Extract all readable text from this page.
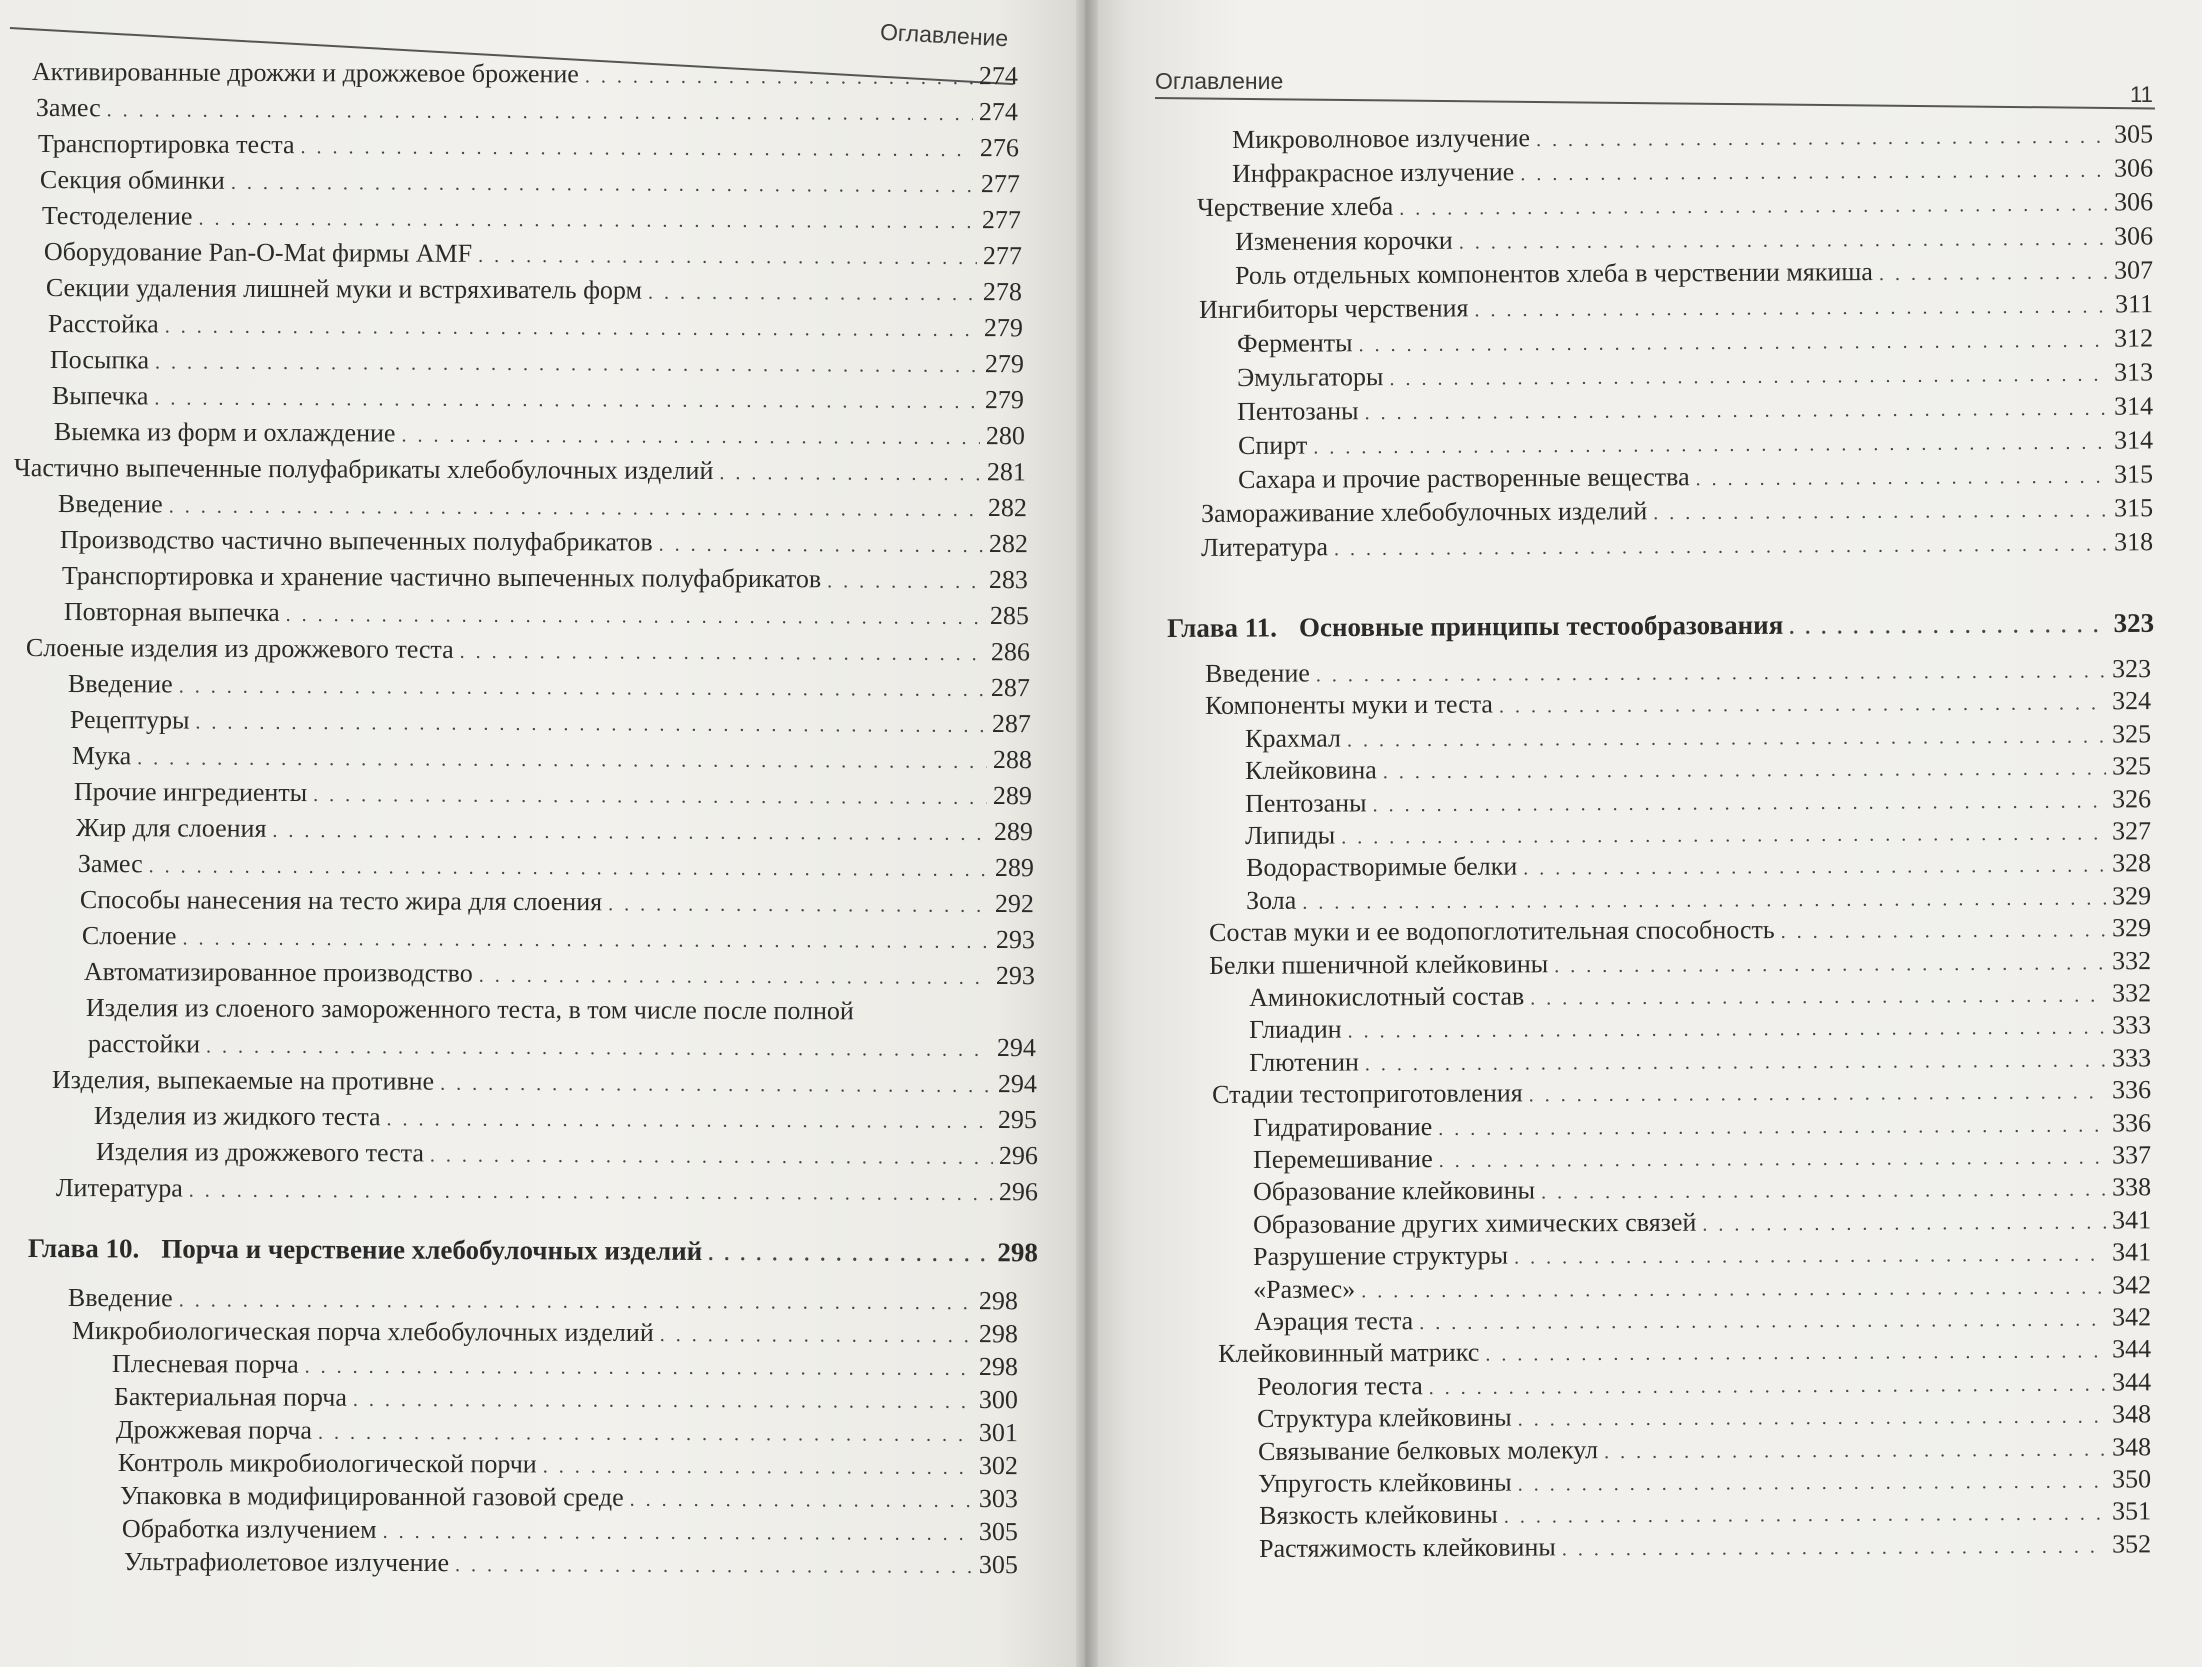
Оглавление
Активированные дрожжи и дрожжевое брожение . . .	274
Замес . . .	274
Транспортировка теста . . .	276
Секция обминки . . .	277
Тестоделение . . .	277
Оборудование Pan-O-Mat фирмы AMF . . .	277
Секции удаления лишней муки и встряхиватель форм . . .	278
Расстойка . . .	279
Посыпка . . .	279
Выпечка . . .	279
Выемка из форм и охлаждение . . .	280
Частично выпеченные полуфабрикаты хлебобулочных изделий . . .	281
Введение . . .	282
Производство частично выпеченных полуфабрикатов . . .	282
Транспортировка и хранение частично выпеченных полуфабрикатов . . .	283
Повторная выпечка . . .	285
Слоеные изделия из дрожжевого теста . . .	286
Введение . . .	287
Рецептуры . . .	287
Мука . . .	288
Прочие ингредиенты . . .	289
Жир для слоения . . .	289
Замес . . .	289
Способы нанесения на тесто жира для слоения . . .	292
Слоение . . .	293
Автоматизированное производство . . .	293
Изделия из слоеного замороженного теста, в том числе после полной
расстойки . . .	294
Изделия, выпекаемые на противне . . .	294
Изделия из жидкого теста . . .	295
Изделия из дрожжевого теста . . .	296
Литература . . .	296
Глава 10. Порча и черствение хлебобулочных изделий . . .	298
Введение . . .	298
Микробиологическая порча хлебобулочных изделий . . .	298
Плесневая порча . . .	298
Бактериальная порча . . .	300
Дрожжевая порча . . .	301
Контроль микробиологической порчи . . .	302
Упаковка в модифицированной газовой среде . . .	303
Обработка излучением . . .	305
Ультрафиолетовое излучение . . .	305
Оглавление
11
Микроволновое излучение . . .	305
Инфракрасное излучение . . .	306
Черствение хлеба . . .	306
Изменения корочки . . .	306
Роль отдельных компонентов хлеба в черствении мякиша . . .	307
Ингибиторы черствения . . .	311
Ферменты . . .	312
Эмульгаторы . . .	313
Пентозаны . . .	314
Спирт . . .	314
Сахара и прочие растворенные вещества . . .	315
Замораживание хлебобулочных изделий . . .	315
Литература . . .	318
Глава 11. Основные принципы тестообразования . . .	323
Введение . . .	323
Компоненты муки и теста . . .	324
Крахмал . . .	325
Клейковина . . .	325
Пентозаны . . .	326
Липиды . . .	327
Водорастворимые белки . . .	328
Зола . . .	329
Состав муки и ее водопоглотительная способность . . .	329
Белки пшеничной клейковины . . .	332
Аминокислотный состав . . .	332
Глиадин . . .	333
Глютенин . . .	333
Стадии тестоприготовления . . .	336
Гидратирование . . .	336
Перемешивание . . .	337
Образование клейковины . . .	338
Образование других химических связей . . .	341
Разрушение структуры . . .	341
«Размес» . . .	342
Аэрация теста . . .	342
Клейковинный матрикс . . .	344
Реология теста . . .	344
Структура клейковины . . .	348
Связывание белковых молекул . . .	348
Упругость клейковины . . .	350
Вязкость клейковины . . .	351
Растяжимость клейковины . . .	352
